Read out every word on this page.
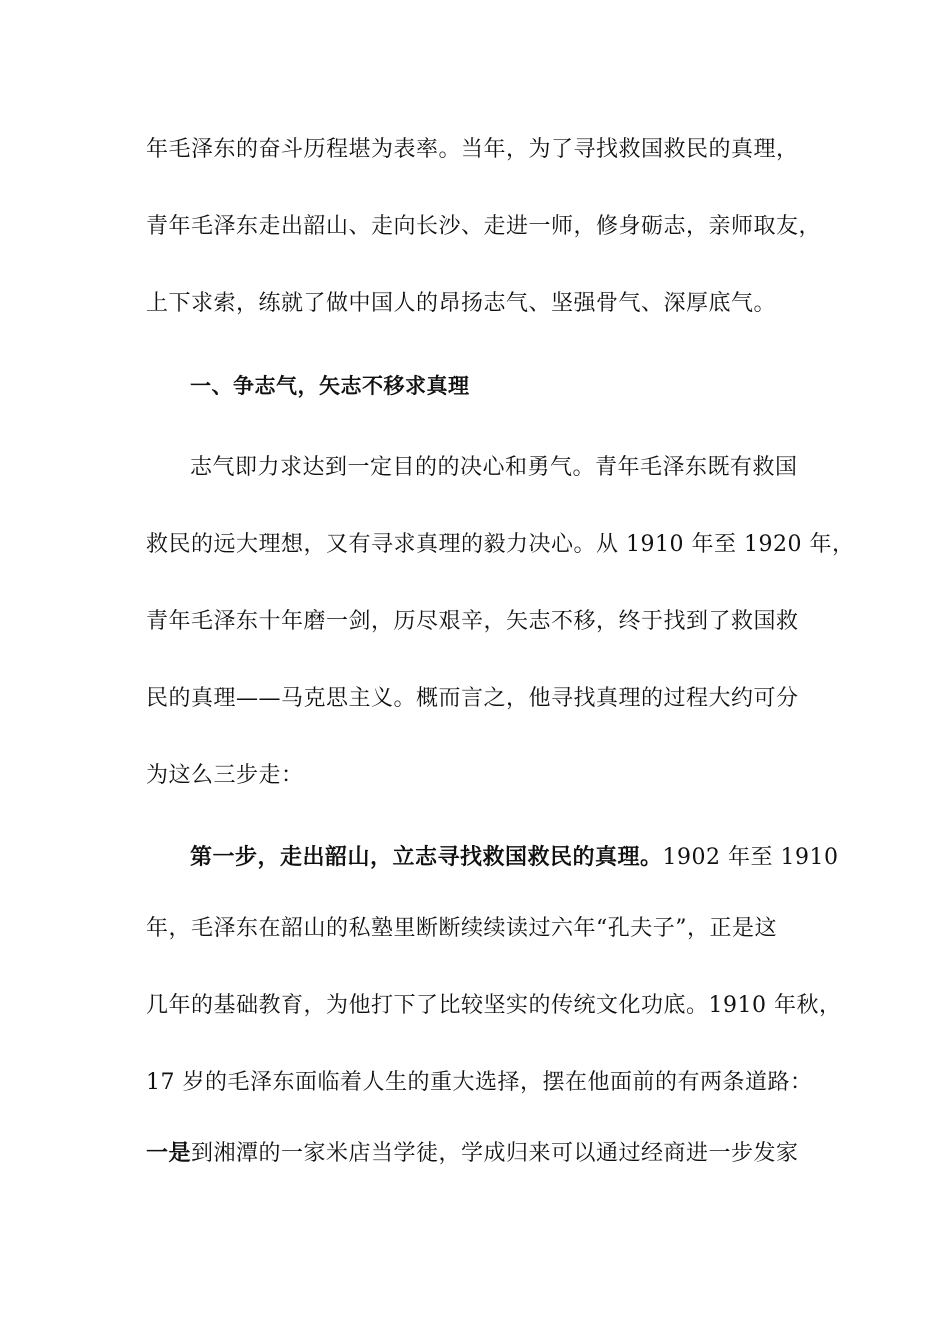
年毛泽东的奋斗历程堪为表率。当年，为了寻找救国救民的真理，
青年毛泽东走出韶山、走向长沙、走进一师，修身砺志，亲师取友，
上下求索，练就了做中国人的昂扬志气、坚强骨气、深厚底气。
一、争志气，矢志不移求真理
志气即力求达到一定目的的决心和勇气。青年毛泽东既有救国
救民的远大理想，又有寻求真理的毅力决心。从 1910 年至 1920 年，
青年毛泽东十年磨一剑，历尽艰辛，矢志不移，终于找到了救国救
民的真理——马克思主义。概而言之，他寻找真理的过程大约可分
为这么三步走：
第一步，走出韶山，立志寻找救国救民的真理。1902 年至 1910
年，毛泽东在韶山的私塾里断断续续读过六年“孔夫子”，正是这
几年的基础教育，为他打下了比较坚实的传统文化功底。1910 年秋，
17 岁的毛泽东面临着人生的重大选择，摆在他面前的有两条道路：
一是到湘潭的一家米店当学徒，学成归来可以通过经商进一步发家
